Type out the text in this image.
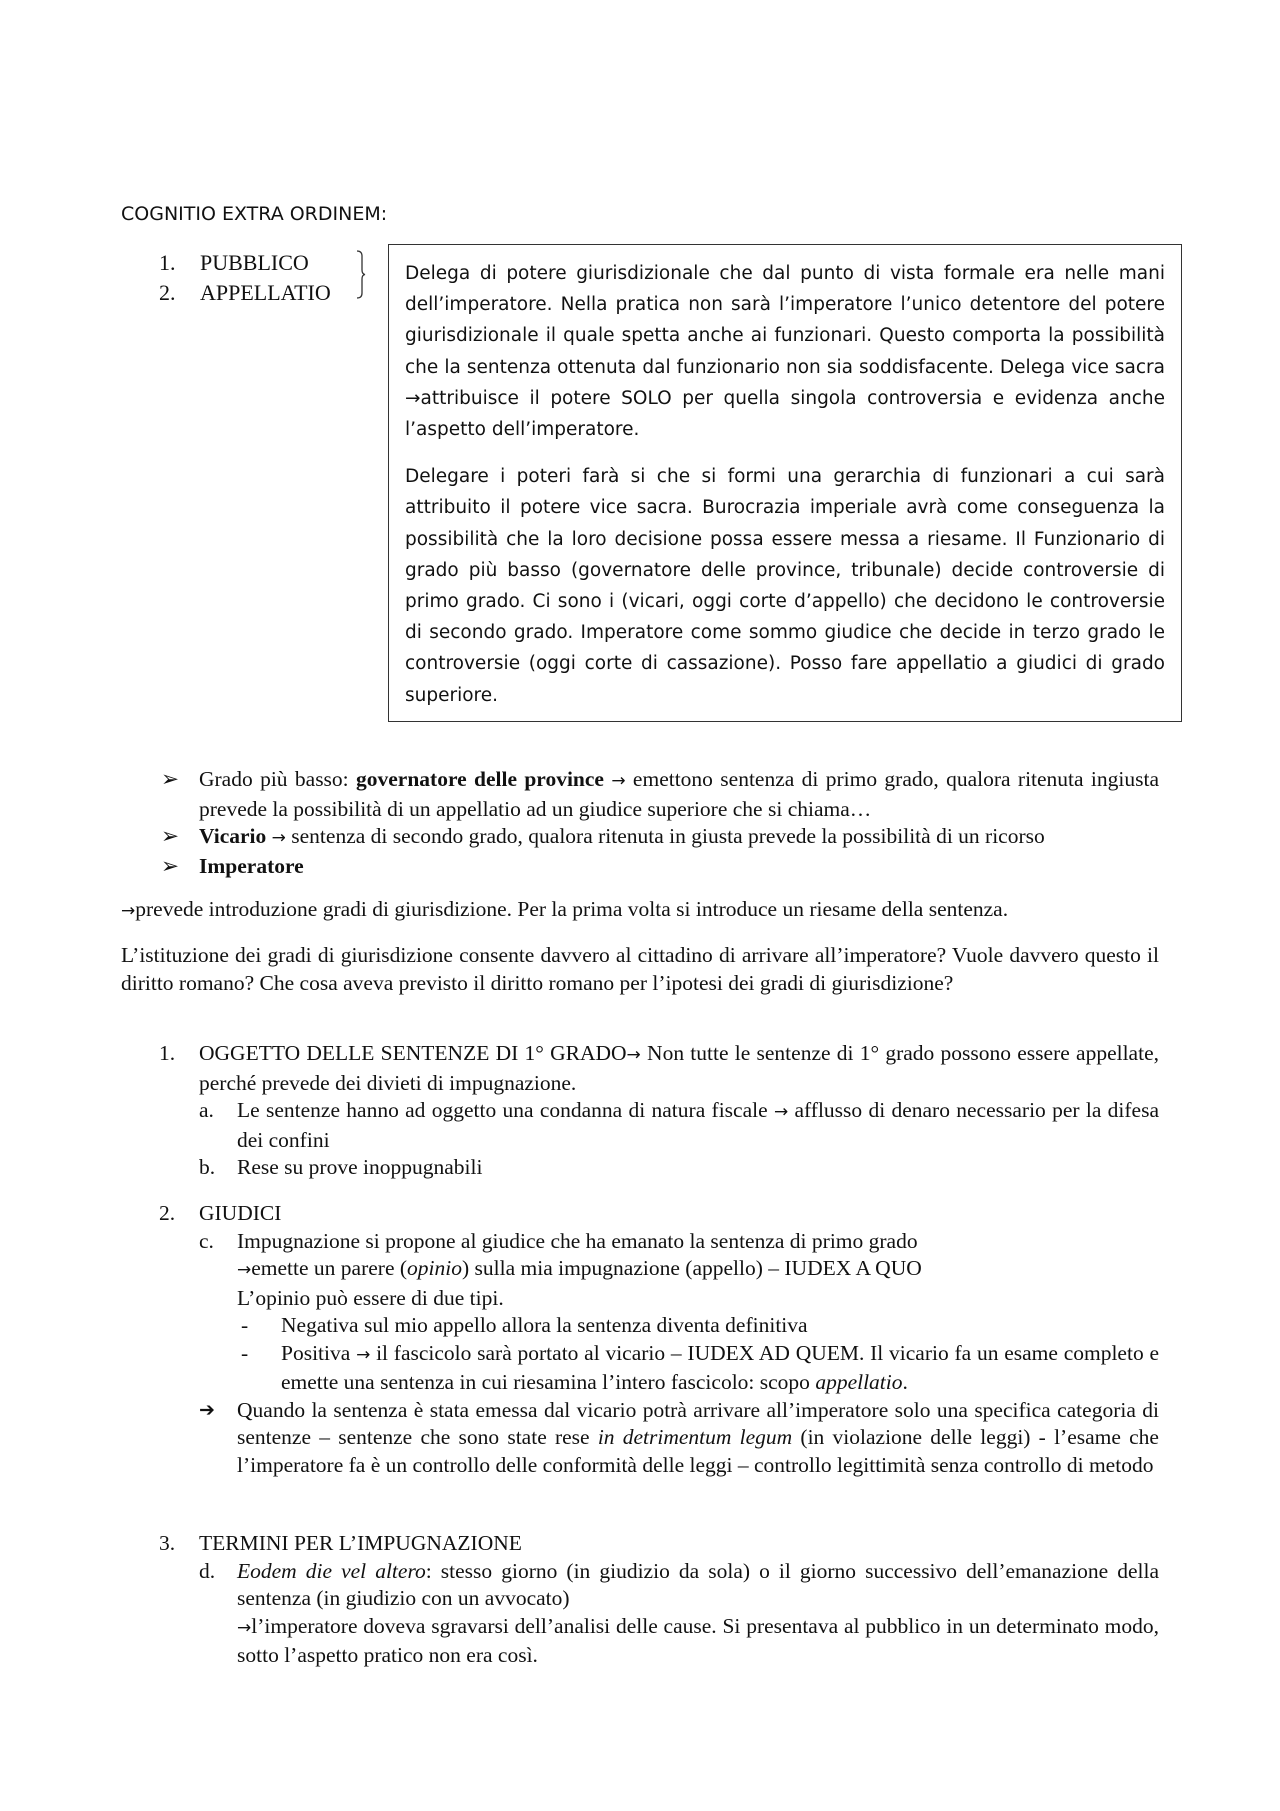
COGNITIO EXTRA ORDINEM:
1. PUBBLICO
2. APPELLATIO

Delega di potere giurisdizionale che dal punto di vista formale era nelle mani dell’imperatore. Nella pratica non sarà l’imperatore l’unico detentore del potere giurisdizionale il quale spetta anche ai funzionari. Questo comporta la possibilità che la sentenza ottenuta dal funzionario non sia soddisfacente. Delega vice sacra →attribuisce il potere SOLO per quella singola controversia e evidenza anche l’aspetto dell’imperatore.

Delegare i poteri farà si che si formi una gerarchia di funzionari a cui sarà attribuito il potere vice sacra. Burocrazia imperiale avrà come conseguenza la possibilità che la loro decisione possa essere messa a riesame. Il Funzionario di grado più basso (governatore delle province, tribunale) decide controversie di primo grado. Ci sono i (vicari, oggi corte d’appello) che decidono le controversie di secondo grado. Imperatore come sommo giudice che decide in terzo grado le controversie (oggi corte di cassazione). Posso fare appellatio a giudici di grado superiore.

➢ Grado più basso: governatore delle province → emettono sentenza di primo grado, qualora ritenuta ingiusta prevede la possibilità di un appellatio ad un giudice superiore che si chiama…
➢ Vicario → sentenza di secondo grado, qualora ritenuta in giusta prevede la possibilità di un ricorso
➢ Imperatore
→prevede introduzione gradi di giurisdizione. Per la prima volta si introduce un riesame della sentenza.
L’istituzione dei gradi di giurisdizione consente davvero al cittadino di arrivare all’imperatore? Vuole davvero questo il diritto romano? Che cosa aveva previsto il diritto romano per l’ipotesi dei gradi di giurisdizione?
1. OGGETTO DELLE SENTENZE DI 1° GRADO→ Non tutte le sentenze di 1° grado possono essere appellate, perché prevede dei divieti di impugnazione.
a. Le sentenze hanno ad oggetto una condanna di natura fiscale → afflusso di denaro necessario per la difesa dei confini
b. Rese su prove inoppugnabili
2. GIUDICI
c. Impugnazione si propone al giudice che ha emanato la sentenza di primo grado
→emette un parere (opinio) sulla mia impugnazione (appello) – IUDEX A QUO
L’opinio può essere di due tipi.
- Negativa sul mio appello allora la sentenza diventa definitiva
- Positiva → il fascicolo sarà portato al vicario – IUDEX AD QUEM. Il vicario fa un esame completo e emette una sentenza in cui riesamina l’intero fascicolo: scopo appellatio.
➔ Quando la sentenza è stata emessa dal vicario potrà arrivare all’imperatore solo una specifica categoria di sentenze – sentenze che sono state rese in detrimentum legum (in violazione delle leggi) - l’esame che l’imperatore fa è un controllo delle conformità delle leggi – controllo legittimità senza controllo di metodo
3. TERMINI PER L’IMPUGNAZIONE
d. Eodem die vel altero: stesso giorno (in giudizio da sola) o il giorno successivo dell’emanazione della sentenza (in giudizio con un avvocato)
→l’imperatore doveva sgravarsi dell’analisi delle cause. Si presentava al pubblico in un determinato modo, sotto l’aspetto pratico non era così.
